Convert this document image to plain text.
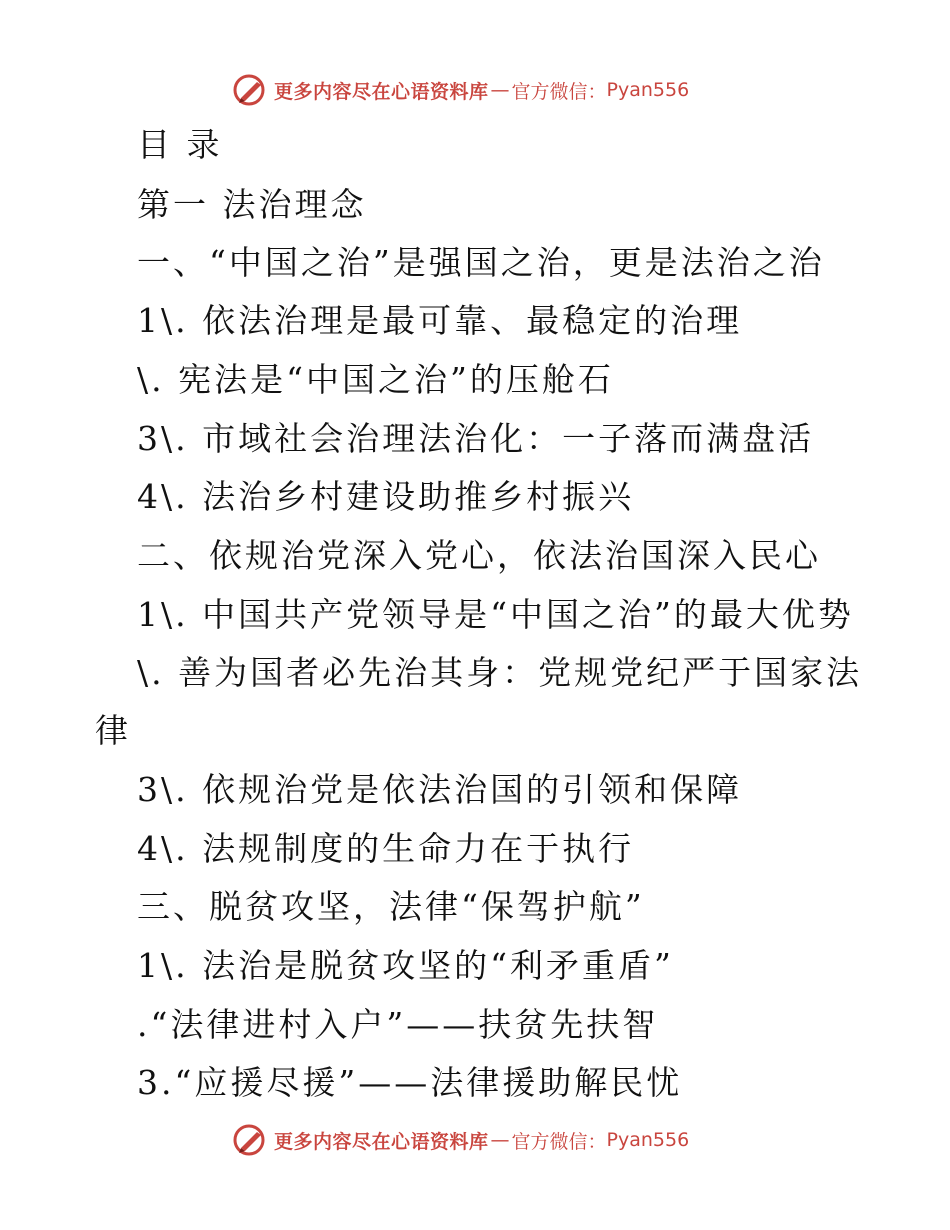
更多内容尽在心语资料库 — 官方微信： Pyan556
目 录
第一 法治理念
一、“中国之治”是强国之治，更是法治之治
1\. 依法治理是最可靠、最稳定的治理
\. 宪法是“中国之治”的压舱石
3\. 市域社会治理法治化：一子落而满盘活
4\. 法治乡村建设助推乡村振兴
二、依规治党深入党心，依法治国深入民心
1\. 中国共产党领导是“中国之治”的最大优势
\. 善为国者必先治其身：党规党纪严于国家法
律
3\. 依规治党是依法治国的引领和保障
4\. 法规制度的生命力在于执行
三、脱贫攻坚，法律“保驾护航”
1\. 法治是脱贫攻坚的“利矛重盾”
.“法律进村入户”——扶贫先扶智
3.“应援尽援”——法律援助解民忧
更多内容尽在心语资料库 — 官方微信： Pyan556
